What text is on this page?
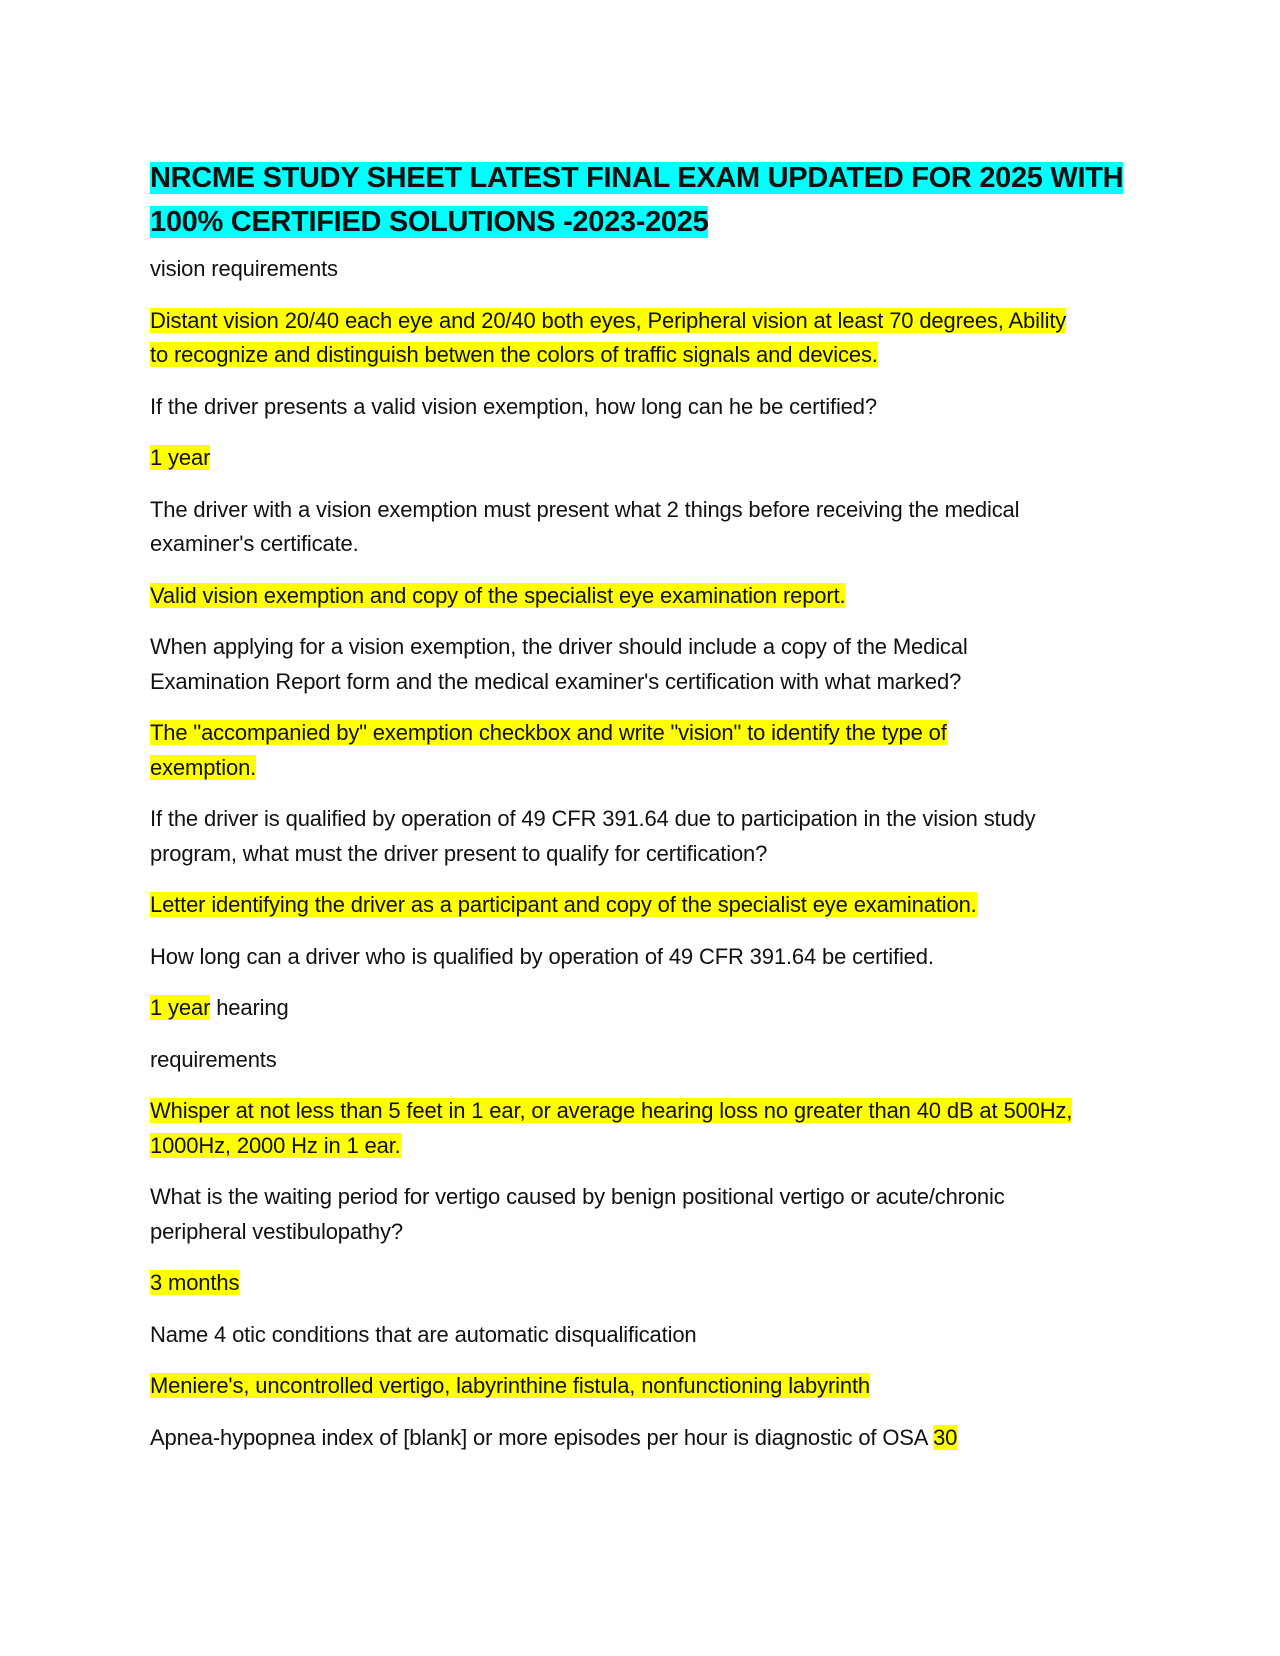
NRCME STUDY SHEET LATEST FINAL EXAM UPDATED FOR 2025 WITH
100% CERTIFIED SOLUTIONS -2023-2025

vision requirements

Distant vision 20/40 each eye and 20/40 both eyes, Peripheral vision at least 70 degrees, Ability
to recognize and distinguish betwen the colors of traffic signals and devices.

If the driver presents a valid vision exemption, how long can he be certified?

1 year

The driver with a vision exemption must present what 2 things before receiving the medical
examiner's certificate.

Valid vision exemption and copy of the specialist eye examination report.

When applying for a vision exemption, the driver should include a copy of the Medical
Examination Report form and the medical examiner's certification with what marked?

The "accompanied by" exemption checkbox and write "vision" to identify the type of
exemption.

If the driver is qualified by operation of 49 CFR 391.64 due to participation in the vision study
program, what must the driver present to qualify for certification?

Letter identifying the driver as a participant and copy of the specialist eye examination.

How long can a driver who is qualified by operation of 49 CFR 391.64 be certified.

1 year hearing

requirements

Whisper at not less than 5 feet in 1 ear, or average hearing loss no greater than 40 dB at 500Hz,
1000Hz, 2000 Hz in 1 ear.

What is the waiting period for vertigo caused by benign positional vertigo or acute/chronic
peripheral vestibulopathy?

3 months

Name 4 otic conditions that are automatic disqualification

Meniere's, uncontrolled vertigo, labyrinthine fistula, nonfunctioning labyrinth

Apnea-hypopnea index of [blank] or more episodes per hour is diagnostic of OSA 30
